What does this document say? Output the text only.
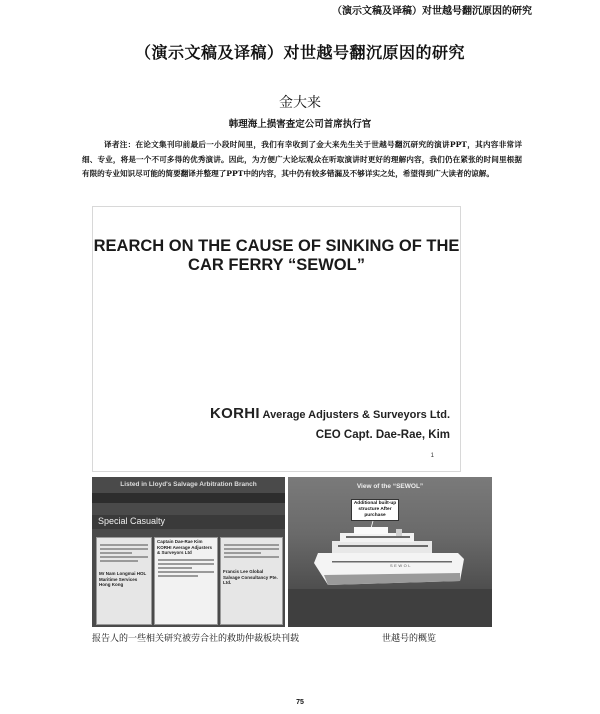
（演示文稿及译稿）对世越号翻沉原因的研究
（演示文稿及译稿）对世越号翻沉原因的研究
金大来
韩理海上损害查定公司首席执行官
译者注：在论文集刊印前最后一小段时间里，我们有幸收到了金大来先生关于世越号翻沉研究的演讲PPT，其内容非常详细、专业，将是一个不可多得的优秀演讲。因此，为方便广大论坛观众在听取演讲时更好的理解内容，我们仍在紧张的时间里根据有限的专业知识尽可能的简要翻译并整理了PPT中的内容，其中仍有较多错漏及不够详实之处，希望得到广大读者的谅解。
REARCH ON THE CAUSE OF SINKING OF THE
CAR FERRY “SEWOL”
KORHI Average Adjusters & Surveyors Ltd.
CEO Capt. Dae-Rae, Kim
1
Listed in Lloyd's Salvage Arbitration Branch
Special Casualty
Mr Nam Longmai HOL Maritime Services Hong Kong
Captain Dae-Rae Kim KORHI Average Adjusters & Surveyors Ltd
Francis Lee Global Salvage Consultancy Pte. Ltd.
View of the “SEWOL”
Additional built-up structure After purchase
SEWOL
报告人的一些相关研究被劳合社的救助仲裁板块刊载	世越号的概览
75
